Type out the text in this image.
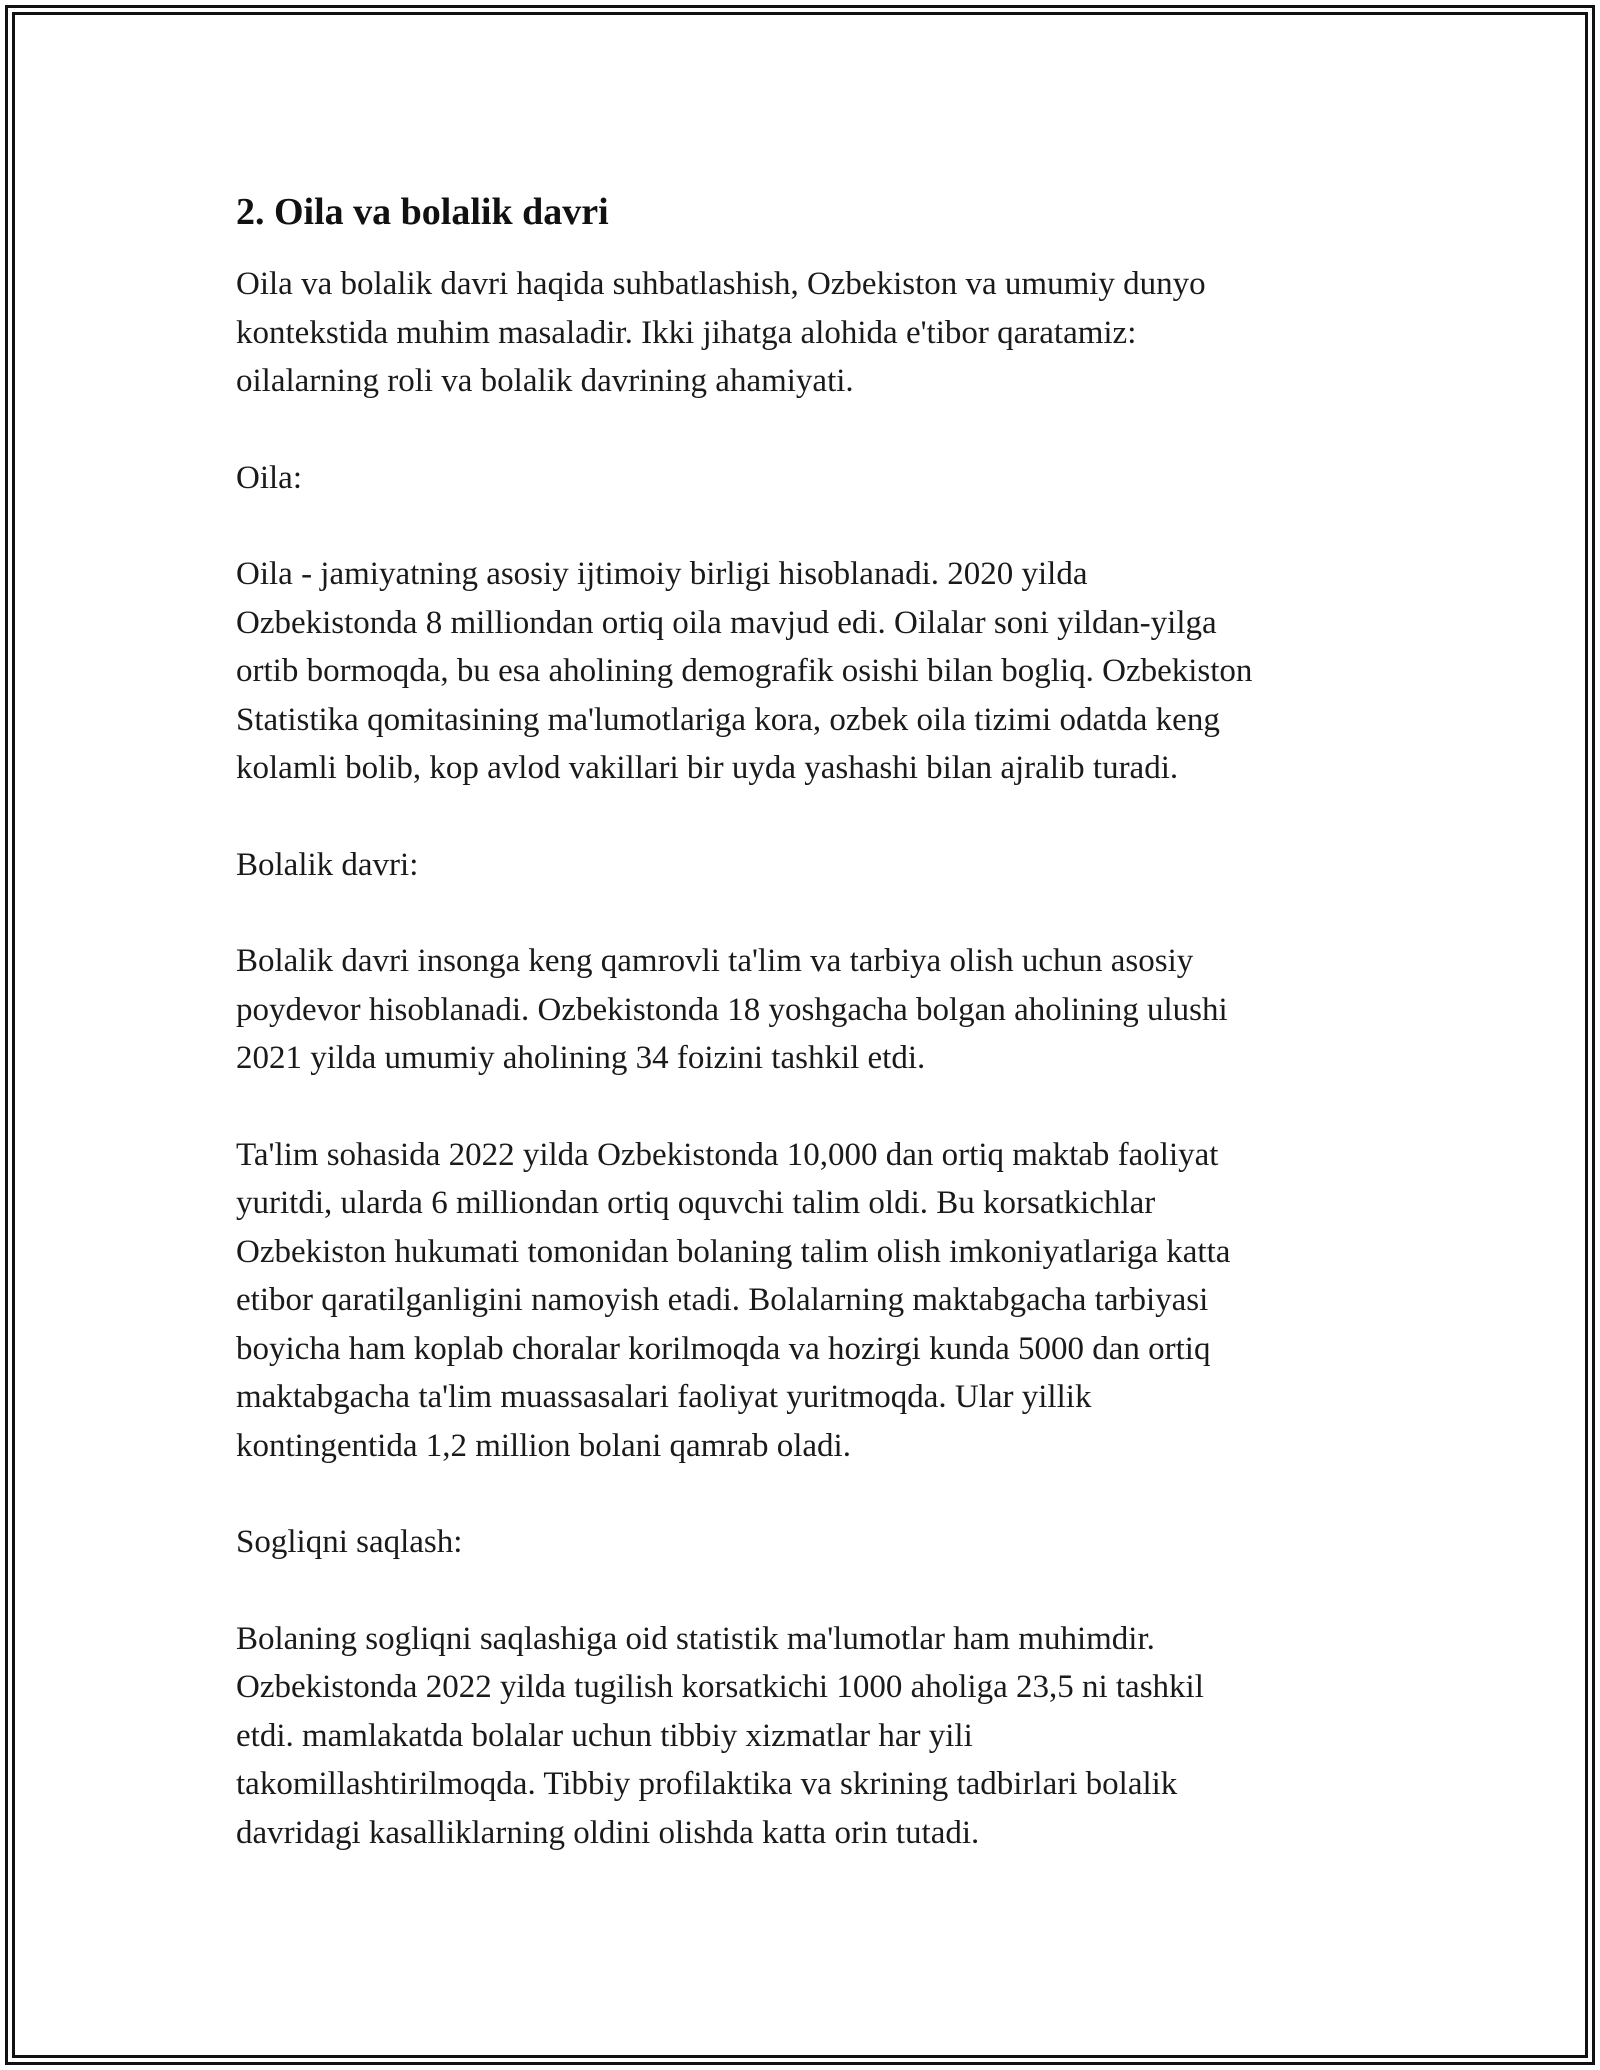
2. Oila va bolalik davri

Oila va bolalik davri haqida suhbatlashish, Ozbekiston va umumiy dunyo
kontekstida muhim masaladir. Ikki jihatga alohida e'tibor qaratamiz:
oilalarning roli va bolalik davrining ahamiyati.

Oila:

Oila - jamiyatning asosiy ijtimoiy birligi hisoblanadi. 2020 yilda
Ozbekistonda 8 milliondan ortiq oila mavjud edi. Oilalar soni yildan-yilga
ortib bormoqda, bu esa aholining demografik osishi bilan bogliq. Ozbekiston
Statistika qomitasining ma'lumotlariga kora, ozbek oila tizimi odatda keng
kolamli bolib, kop avlod vakillari bir uyda yashashi bilan ajralib turadi.

Bolalik davri:

Bolalik davri insonga keng qamrovli ta'lim va tarbiya olish uchun asosiy
poydevor hisoblanadi. Ozbekistonda 18 yoshgacha bolgan aholining ulushi
2021 yilda umumiy aholining 34 foizini tashkil etdi.

Ta'lim sohasida 2022 yilda Ozbekistonda 10,000 dan ortiq maktab faoliyat
yuritdi, ularda 6 milliondan ortiq oquvchi talim oldi. Bu korsatkichlar
Ozbekiston hukumati tomonidan bolaning talim olish imkoniyatlariga katta
etibor qaratilganligini namoyish etadi. Bolalarning maktabgacha tarbiyasi
boyicha ham koplab choralar korilmoqda va hozirgi kunda 5000 dan ortiq
maktabgacha ta'lim muassasalari faoliyat yuritmoqda. Ular yillik
kontingentida 1,2 million bolani qamrab oladi.

Sogliqni saqlash:

Bolaning sogliqni saqlashiga oid statistik ma'lumotlar ham muhimdir.
Ozbekistonda 2022 yilda tugilish korsatkichi 1000 aholiga 23,5 ni tashkil
etdi. mamlakatda bolalar uchun tibbiy xizmatlar har yili
takomillashtirilmoqda. Tibbiy profilaktika va skrining tadbirlari bolalik
davridagi kasalliklarning oldini olishda katta orin tutadi.
